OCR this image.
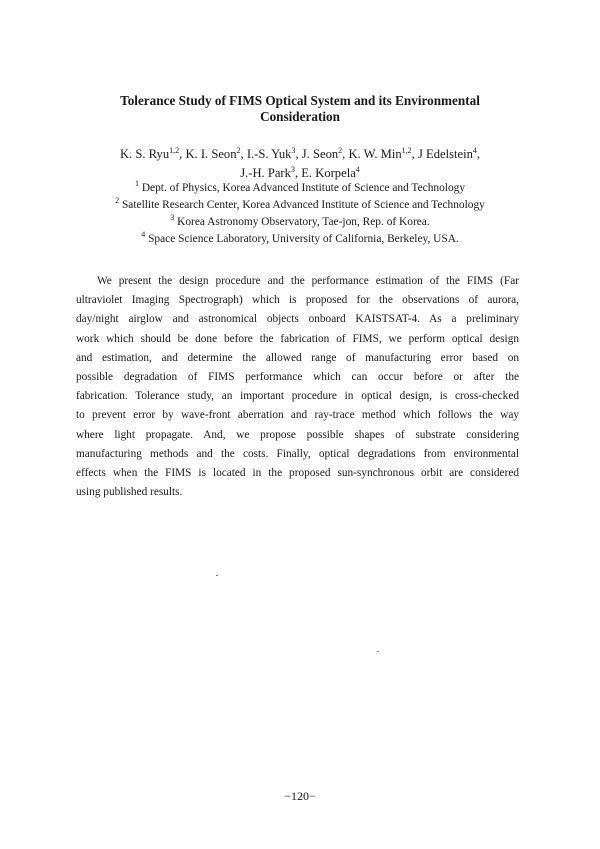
Tolerance Study of FIMS Optical System and its Environmental
Consideration
K. S. Ryu$^{1,2}$, K. I. Seon$^2$, I.-S. Yuk$^3$, J. Seon$^2$, K. W. Min$^{1,2}$, J Edelstein$^4$,
J.-H. Park$^3$, E. Korpela$^4$
$^1$ Dept. of Physics, Korea Advanced Institute of Science and Technology
$^2$ Satellite Research Center, Korea Advanced Institute of Science and Technology
$^3$ Korea Astronomy Observatory, Tae-jon, Rep. of Korea.
$^4$ Space Science Laboratory, University of California, Berkeley, USA.
We present the design procedure and the performance estimation of the FIMS (Far
ultraviolet Imaging Spectrograph) which is proposed for the observations of aurora,
day/night airglow and astronomical objects onboard KAISTSAT-4. As a preliminary
work which should be done before the fabrication of FIMS, we perform optical design
and estimation, and determine the allowed range of manufacturing error based on
possible degradation of FIMS performance which can occur before or after the
fabrication. Tolerance study, an important procedure in optical design, is cross-checked
to prevent error by wave-front aberration and ray-trace method which follows the way
where light propagate. And, we propose possible shapes of substrate considering
manufacturing methods and the costs. Finally, optical degradations from environmental
effects when the FIMS is located in the proposed sun-synchronous orbit are considered
using published results.
−120−
